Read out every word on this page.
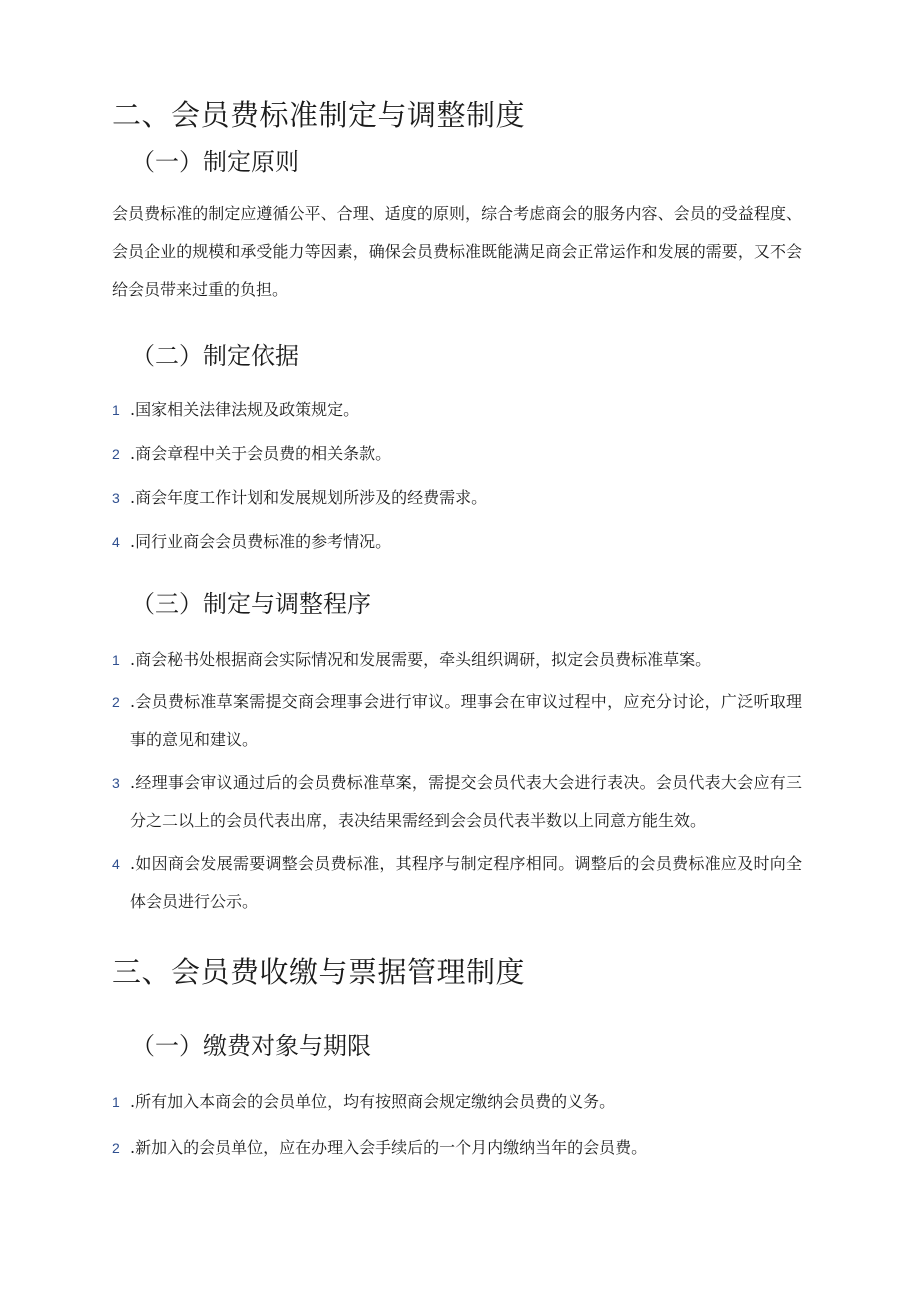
二、会员费标准制定与调整制度
（一）制定原则

会员费标准的制定应遵循公平、合理、适度的原则，综合考虑商会的服务内容、会员的受益程度、会员企业的规模和承受能力等因素，确保会员费标准既能满足商会正常运作和发展的需要，又不会给会员带来过重的负担。

（二）制定依据
1 .国家相关法律法规及政策规定。
2 .商会章程中关于会员费的相关条款。
3 .商会年度工作计划和发展规划所涉及的经费需求。
4 .同行业商会会员费标准的参考情况。
（三）制定与调整程序
1 .商会秘书处根据商会实际情况和发展需要，牵头组织调研，拟定会员费标准草案。
2 .会员费标准草案需提交商会理事会进行审议。理事会在审议过程中，应充分讨论，广泛听取理事的意见和建议。
3 .经理事会审议通过后的会员费标准草案，需提交会员代表大会进行表决。会员代表大会应有三分之二以上的会员代表出席，表决结果需经到会会员代表半数以上同意方能生效。
4 .如因商会发展需要调整会员费标准，其程序与制定程序相同。调整后的会员费标准应及时向全体会员进行公示。
三、会员费收缴与票据管理制度
（一）缴费对象与期限
1 .所有加入本商会的会员单位，均有按照商会规定缴纳会员费的义务。
2 .新加入的会员单位，应在办理入会手续后的一个月内缴纳当年的会员费。
